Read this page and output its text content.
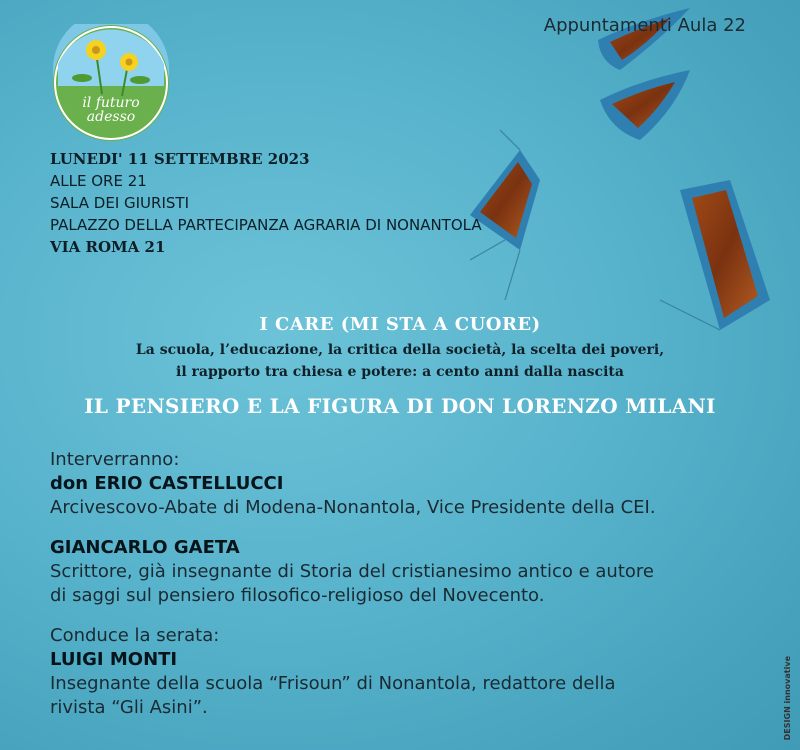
il futuro
adesso
Appuntamenti Aula 22
LUNEDI' 11 SETTEMBRE 2023
ALLE ORE 21
SALA DEI GIURISTI
PALAZZO DELLA PARTECIPANZA AGRARIA DI NONANTOLA
VIA ROMA 21
I CARE (MI STA A CUORE)
La scuola, l’educazione, la critica della società, la scelta dei poveri,
il rapporto tra chiesa e potere: a cento anni dalla nascita
IL PENSIERO E LA FIGURA DI DON LORENZO MILANI
Interverranno:
don ERIO CASTELLUCCI
Arcivescovo-Abate di Modena-Nonantola, Vice Presidente della CEI.
GIANCARLO GAETA
Scrittore, già insegnante di Storia del cristianesimo antico e autore
di saggi sul pensiero filosofico-religioso del Novecento.
Conduce la serata:
LUIGI MONTI
Insegnante della scuola “Frisoun” di Nonantola, redattore della
rivista “Gli Asini”.	DESIGN innovative
